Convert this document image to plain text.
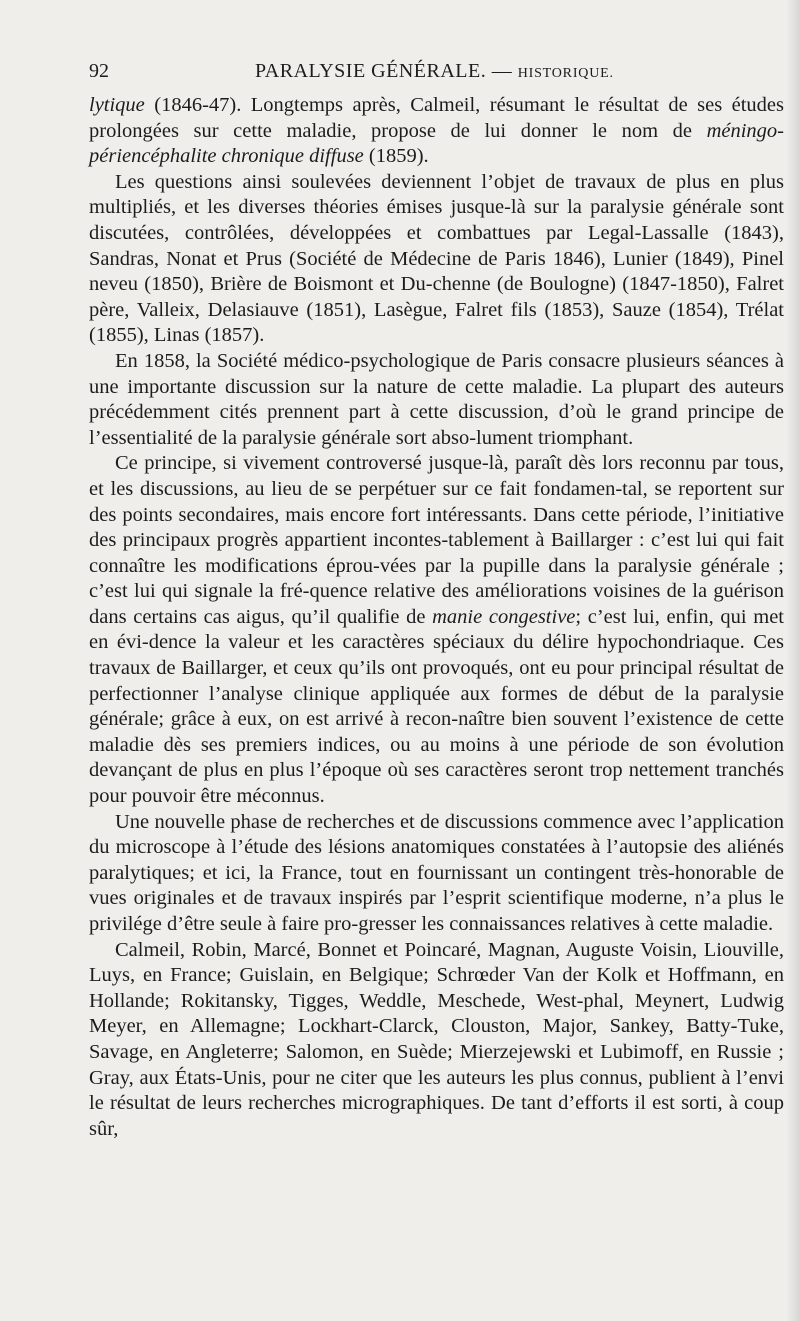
92	PARALYSIE GÉNÉRALE. — HISTORIQUE.

lytique (1846-47). Longtemps après, Calmeil, résumant le résultat de ses études prolongées sur cette maladie, propose de lui donner le nom de méningo-périencéphalite chronique diffuse (1859).

Les questions ainsi soulevées deviennent l’objet de travaux de plus en plus multipliés, et les diverses théories émises jusque-là sur la paralysie générale sont discutées, contrôlées, développées et combattues par Legal-Lassalle (1843), Sandras, Nonat et Prus (Société de Médecine de Paris 1846), Lunier (1849), Pinel neveu (1850), Brière de Boismont et Du-chenne (de Boulogne) (1847-1850), Falret père, Valleix, Delasiauve (1851), Lasègue, Falret fils (1853), Sauze (1854), Trélat (1855), Linas (1857).

En 1858, la Société médico-psychologique de Paris consacre plusieurs séances à une importante discussion sur la nature de cette maladie. La plupart des auteurs précédemment cités prennent part à cette discussion, d’où le grand principe de l’essentialité de la paralysie générale sort abso-lument triomphant.

Ce principe, si vivement controversé jusque-là, paraît dès lors reconnu par tous, et les discussions, au lieu de se perpétuer sur ce fait fondamen-tal, se reportent sur des points secondaires, mais encore fort intéressants. Dans cette période, l’initiative des principaux progrès appartient incontes-tablement à Baillarger : c’est lui qui fait connaître les modifications éprou-vées par la pupille dans la paralysie générale ; c’est lui qui signale la fré-quence relative des améliorations voisines de la guérison dans certains cas aigus, qu’il qualifie de manie congestive; c’est lui, enfin, qui met en évi-dence la valeur et les caractères spéciaux du délire hypochondriaque. Ces travaux de Baillarger, et ceux qu’ils ont provoqués, ont eu pour principal résultat de perfectionner l’analyse clinique appliquée aux formes de début de la paralysie générale; grâce à eux, on est arrivé à recon-naître bien souvent l’existence de cette maladie dès ses premiers indices, ou au moins à une période de son évolution devançant de plus en plus l’époque où ses caractères seront trop nettement tranchés pour pouvoir être méconnus.

Une nouvelle phase de recherches et de discussions commence avec l’application du microscope à l’étude des lésions anatomiques constatées à l’autopsie des aliénés paralytiques; et ici, la France, tout en fournissant un contingent très-honorable de vues originales et de travaux inspirés par l’esprit scientifique moderne, n’a plus le privilége d’être seule à faire pro-gresser les connaissances relatives à cette maladie.

Calmeil, Robin, Marcé, Bonnet et Poincaré, Magnan, Auguste Voisin, Liouville, Luys, en France; Guislain, en Belgique; Schrœder Van der Kolk et Hoffmann, en Hollande; Rokitansky, Tigges, Weddle, Meschede, West-phal, Meynert, Ludwig Meyer, en Allemagne; Lockhart-Clarck, Clouston, Major, Sankey, Batty-Tuke, Savage, en Angleterre; Salomon, en Suède; Mierzejewski et Lubimoff, en Russie ; Gray, aux États-Unis, pour ne citer que les auteurs les plus connus, publient à l’envi le résultat de leurs recherches micrographiques. De tant d’efforts il est sorti, à coup sûr,
